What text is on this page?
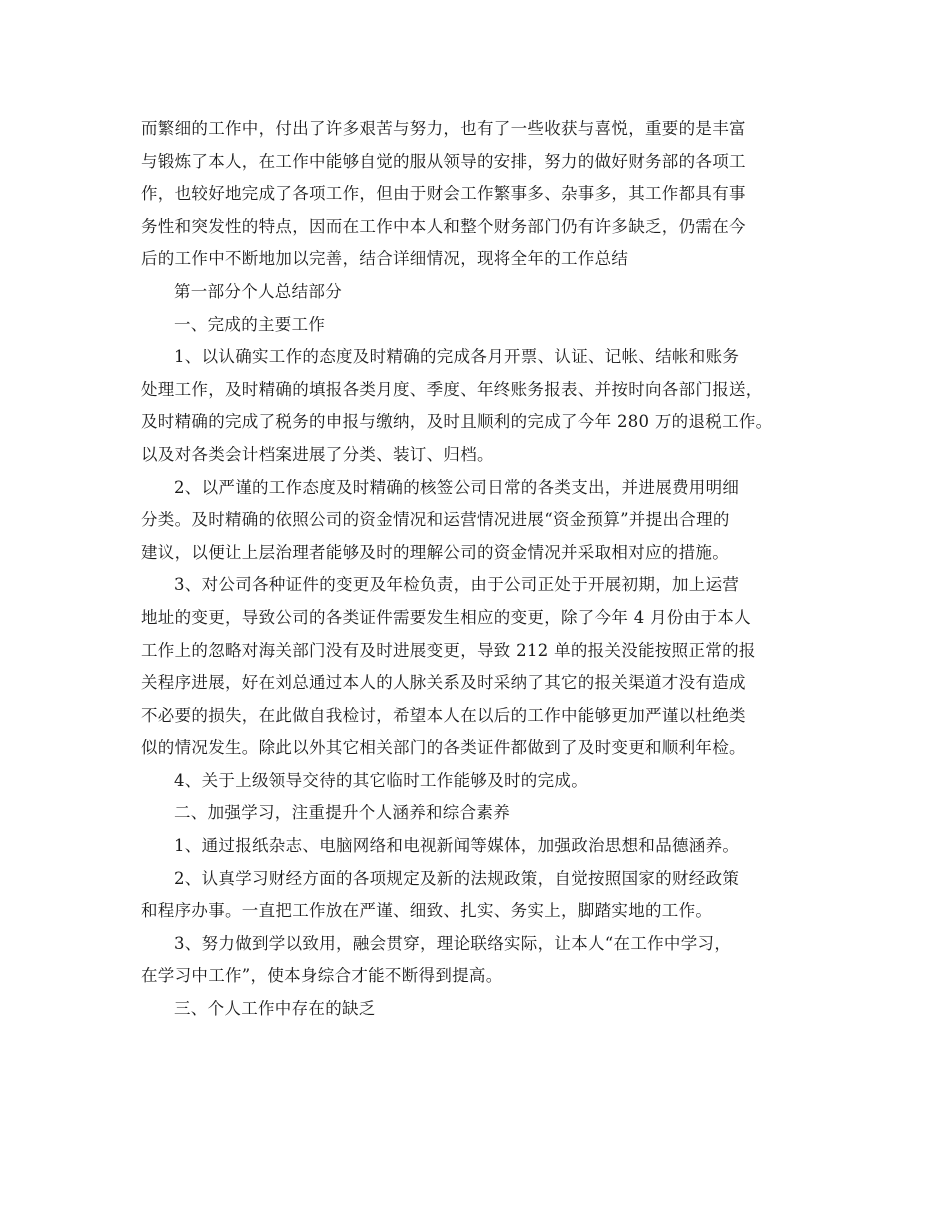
而繁细的工作中，付出了许多艰苦与努力，也有了一些收获与喜悦，重要的是丰富
与锻炼了本人，在工作中能够自觉的服从领导的安排，努力的做好财务部的各项工
作，也较好地完成了各项工作，但由于财会工作繁事多、杂事多，其工作都具有事
务性和突发性的特点，因而在工作中本人和整个财务部门仍有许多缺乏，仍需在今
后的工作中不断地加以完善，结合详细情况，现将全年的工作总结
第一部分个人总结部分
一、完成的主要工作
1、以认确实工作的态度及时精确的完成各月开票、认证、记帐、结帐和账务
处理工作，及时精确的填报各类月度、季度、年终账务报表、并按时向各部门报送，
及时精确的完成了税务的申报与缴纳，及时且顺利的完成了今年 280 万的退税工作。
以及对各类会计档案进展了分类、装订、归档。
2、以严谨的工作态度及时精确的核签公司日常的各类支出，并进展费用明细
分类。及时精确的依照公司的资金情况和运营情况进展“资金预算”并提出合理的
建议，以便让上层治理者能够及时的理解公司的资金情况并采取相对应的措施。
3、对公司各种证件的变更及年检负责，由于公司正处于开展初期，加上运营
地址的变更，导致公司的各类证件需要发生相应的变更，除了今年 4 月份由于本人
工作上的忽略对海关部门没有及时进展变更，导致 212 单的报关没能按照正常的报
关程序进展，好在刘总通过本人的人脉关系及时采纳了其它的报关渠道才没有造成
不必要的损失，在此做自我检讨，希望本人在以后的工作中能够更加严谨以杜绝类
似的情况发生。除此以外其它相关部门的各类证件都做到了及时变更和顺利年检。
4、关于上级领导交待的其它临时工作能够及时的完成。
二、加强学习，注重提升个人涵养和综合素养
1、通过报纸杂志、电脑网络和电视新闻等媒体，加强政治思想和品德涵养。
2、认真学习财经方面的各项规定及新的法规政策，自觉按照国家的财经政策
和程序办事。一直把工作放在严谨、细致、扎实、务实上，脚踏实地的工作。
3、努力做到学以致用，融会贯穿，理论联络实际，让本人“在工作中学习，
在学习中工作”，使本身综合才能不断得到提高。
三、个人工作中存在的缺乏
